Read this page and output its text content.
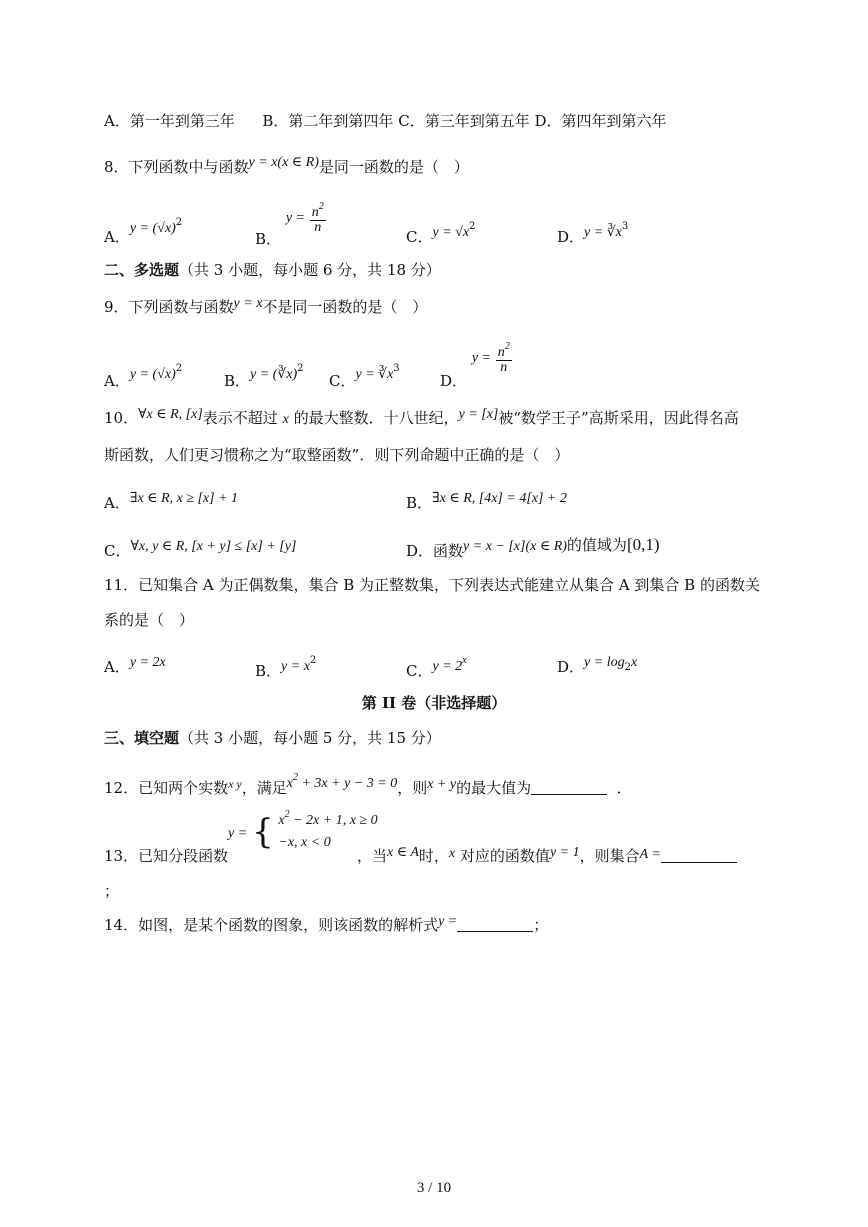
A．第一年到第三年 B．第二年到第四年 C．第三年到第五年 D．第四年到第六年
8．下列函数中与函数y = x(x ∈ R)是同一函数的是（　）
A．$y = (√x)^2$
B． $y = \frac{n^2}{n}$
C．$y = √x^2$
D．$y = ∛x^3$
二、多选题（共 3 小题，每小题 6 分，共 18 分）
9．下列函数与函数y = x不是同一函数的是（　）
A．$y = (√x)^2$
B．y = (∛x)$^2$
C．$y = ∛x^3$
D． $y = \frac{n^2}{n}$
10．∀x ∈ R, [x]表示不超过 x 的最大整数．十八世纪，y = [x]被“数学王子”高斯采用，因此得名高
斯函数，人们更习惯称之为“取整函数”．则下列命题中正确的是（　）
A．∃x ∈ R, x ≥ [x] + 1	B．∃x ∈ R, [4x] = 4[x] + 2
C．∀x, y ∈ R, [x + y] ≤ [x] + [y]	D．函数y = x − [x](x ∈ R)的值域为[0,1)
11．已知集合 A 为正偶数集，集合 B 为正整数集，下列表达式能建立从集合 A 到集合 B 的函数关
系的是（　）
A．y = 2x	B．$y = x^2$
C．$y = 2^x$	D．$y = \log_2x$
第 II 卷（非选择题）
三、填空题（共 3 小题，每小题 5 分，共 15 分）
12．已知两个实数$^{x y}$，满足$x^2 + 3x + y - 3 = 0$，则x + y的最大值为	．
y = { $x^2 - 2x + 1$, x ≥ 0
−x, x < 0
13．已知分段函数	，当x ∈ A时，x 对应的函数值y = 1，则集合A =
；
14．如图，是某个函数的图象，则该函数的解析式y =	；
3 / 10
